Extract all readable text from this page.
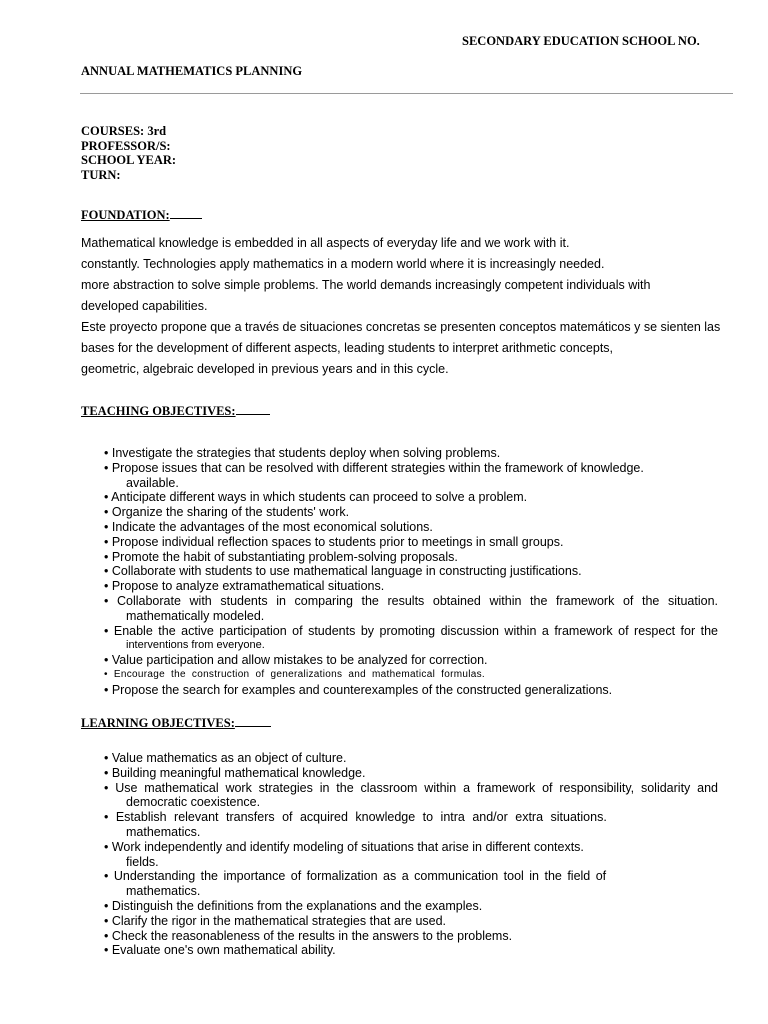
SECONDARY EDUCATION SCHOOL NO.
ANNUAL MATHEMATICS PLANNING
COURSES: 3rd
PROFESSOR/S:
SCHOOL YEAR:
TURN:
FOUNDATION:
Mathematical knowledge is embedded in all aspects of everyday life and we work with it.
constantly. Technologies apply mathematics in a modern world where it is increasingly needed.
more abstraction to solve simple problems. The world demands increasingly competent individuals with
developed capabilities.
Este proyecto propone que a través de situaciones concretas se presenten conceptos matemáticos y se sienten las
bases for the development of different aspects, leading students to interpret arithmetic concepts,
geometric, algebraic developed in previous years and in this cycle.
TEACHING OBJECTIVES:
• Investigate the strategies that students deploy when solving problems.
• Propose issues that can be resolved with different strategies within the framework of knowledge.
available.
• Anticipate different ways in which students can proceed to solve a problem.
• Organize the sharing of the students' work.
• Indicate the advantages of the most economical solutions.
• Propose individual reflection spaces to students prior to meetings in small groups.
• Promote the habit of substantiating problem-solving proposals.
• Collaborate with students to use mathematical language in constructing justifications.
• Propose to analyze extramathematical situations.
• Collaborate with students in comparing the results obtained within the framework of the situation.
mathematically modeled.
• Enable the active participation of students by promoting discussion within a framework of respect for the
interventions from everyone.
• Value participation and allow mistakes to be analyzed for correction.
• Encourage the construction of generalizations and mathematical formulas.
• Propose the search for examples and counterexamples of the constructed generalizations.
LEARNING OBJECTIVES:
• Value mathematics as an object of culture.
• Building meaningful mathematical knowledge.
• Use mathematical work strategies in the classroom within a framework of responsibility, solidarity and
democratic coexistence.
• Establish relevant transfers of acquired knowledge to intra and/or extra situations.
mathematics.
• Work independently and identify modeling of situations that arise in different contexts.
fields.
• Understanding the importance of formalization as a communication tool in the field of
mathematics.
• Distinguish the definitions from the explanations and the examples.
• Clarify the rigor in the mathematical strategies that are used.
• Check the reasonableness of the results in the answers to the problems.
• Evaluate one's own mathematical ability.
